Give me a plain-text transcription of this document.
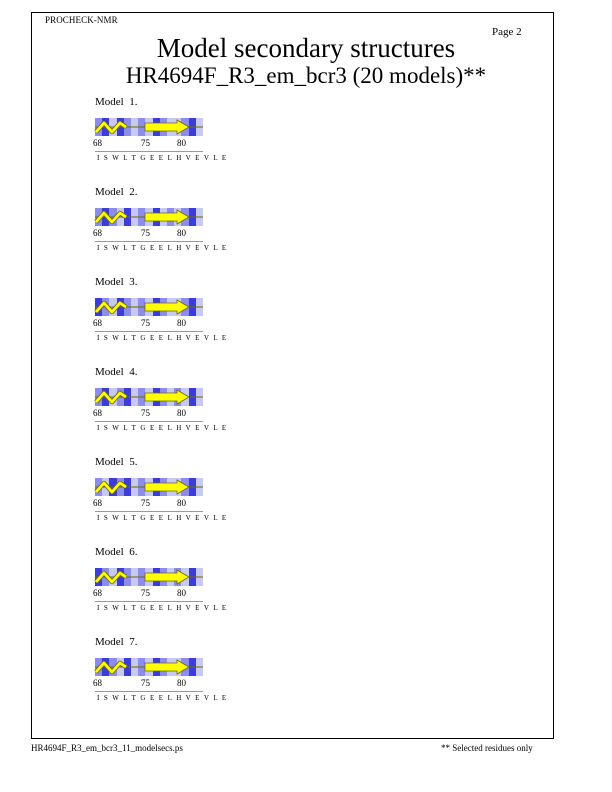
PROCHECK-NMR
Page 2
Model secondary structures
HR4694F_R3_em_bcr3 (20 models)**
Model  1.
68	75	80
I S W L T G E E L H V E V L E
Model  2.
68	75	80
I S W L T G E E L H V E V L E
Model  3.
68	75	80
I S W L T G E E L H V E V L E
Model  4.
68	75	80
I S W L T G E E L H V E V L E
Model  5.
68	75	80
I S W L T G E E L H V E V L E
Model  6.
68	75	80
I S W L T G E E L H V E V L E
Model  7.
68	75	80
I S W L T G E E L H V E V L E
HR4694F_R3_em_bcr3_11_modelsecs.ps	** Selected residues only
